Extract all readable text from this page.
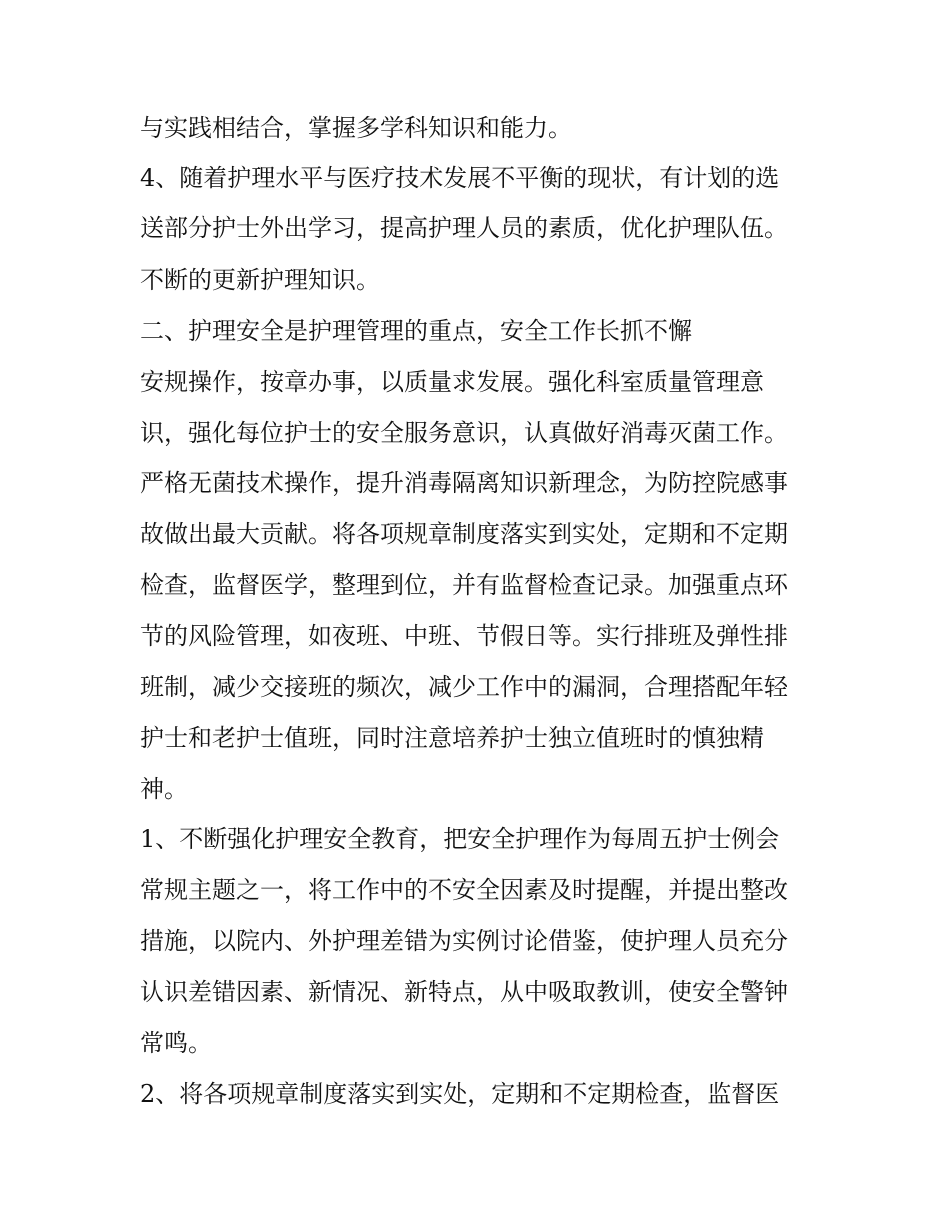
与实践相结合，掌握多学科知识和能力。
4、随着护理水平与医疗技术发展不平衡的现状，有计划的选
送部分护士外出学习，提高护理人员的素质，优化护理队伍。
不断的更新护理知识。
二、护理安全是护理管理的重点，安全工作长抓不懈
安规操作，按章办事，以质量求发展。强化科室质量管理意
识，强化每位护士的安全服务意识，认真做好消毒灭菌工作。
严格无菌技术操作，提升消毒隔离知识新理念，为防控院感事
故做出最大贡献。将各项规章制度落实到实处，定期和不定期
检查，监督医学，整理到位，并有监督检查记录。加强重点环
节的风险管理，如夜班、中班、节假日等。实行排班及弹性排
班制，减少交接班的频次，减少工作中的漏洞，合理搭配年轻
护士和老护士值班，同时注意培养护士独立值班时的慎独精
神。
1、不断强化护理安全教育，把安全护理作为每周五护士例会
常规主题之一，将工作中的不安全因素及时提醒，并提出整改
措施，以院内、外护理差错为实例讨论借鉴，使护理人员充分
认识差错因素、新情况、新特点，从中吸取教训，使安全警钟
常鸣。
2、将各项规章制度落实到实处，定期和不定期检查，监督医
